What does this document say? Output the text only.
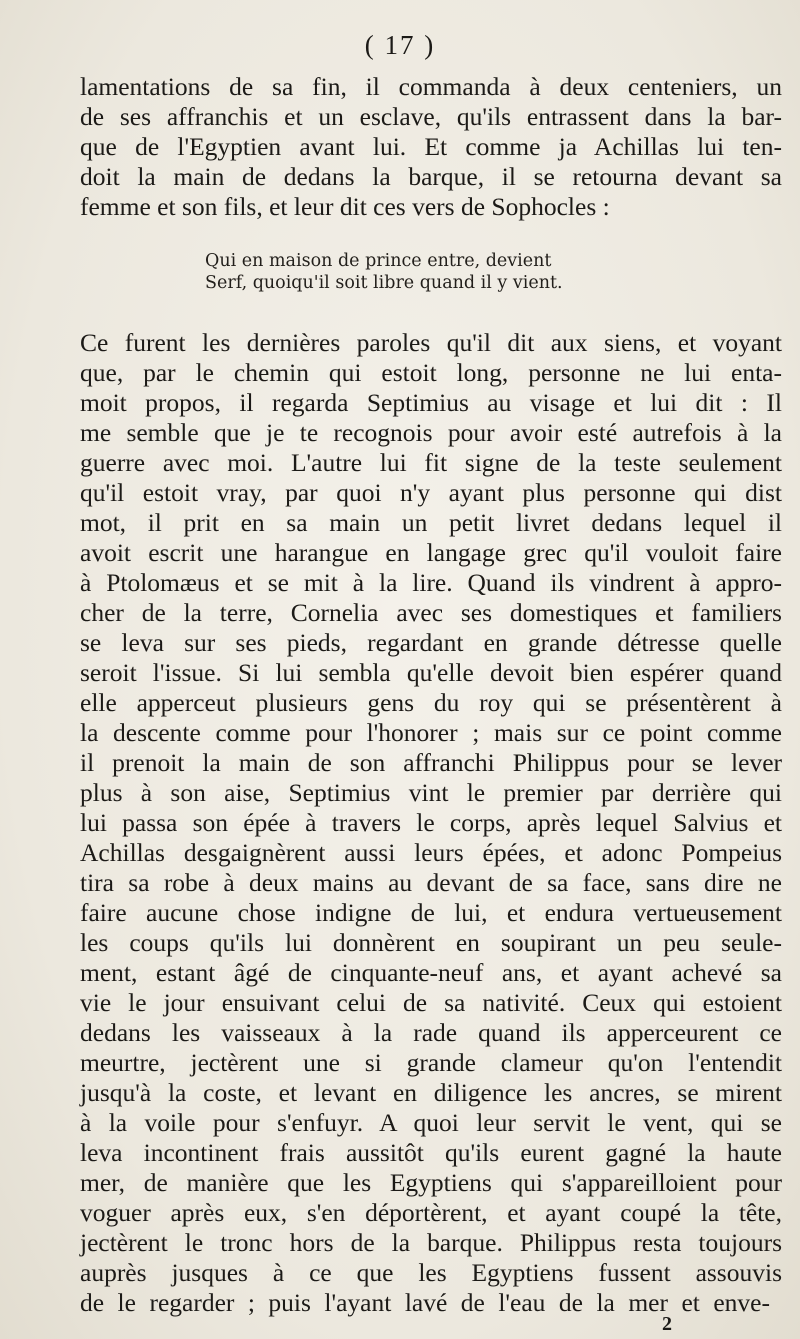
( 17 )
lamentations de sa fin, il commanda à deux centeniers, un
de ses affranchis et un esclave, qu'ils entrassent dans la bar-
que de l'Egyptien avant lui. Et comme ja Achillas lui ten-
doit la main de dedans la barque, il se retourna devant sa
femme et son fils, et leur dit ces vers de Sophocles :
Qui en maison de prince entre, devient
Serf, quoiqu'il soit libre quand il y vient.
Ce furent les dernières paroles qu'il dit aux siens, et voyant
que, par le chemin qui estoit long, personne ne lui enta-
moit propos, il regarda Septimius au visage et lui dit : Il
me semble que je te recognois pour avoir esté autrefois à la
guerre avec moi. L'autre lui fit signe de la teste seulement
qu'il estoit vray, par quoi n'y ayant plus personne qui dist
mot, il prit en sa main un petit livret dedans lequel il
avoit escrit une harangue en langage grec qu'il vouloit faire
à Ptolomæus et se mit à la lire. Quand ils vindrent à appro-
cher de la terre, Cornelia avec ses domestiques et familiers
se leva sur ses pieds, regardant en grande détresse quelle
seroit l'issue. Si lui sembla qu'elle devoit bien espérer quand
elle apperceut plusieurs gens du roy qui se présentèrent à
la descente comme pour l'honorer ; mais sur ce point comme
il prenoit la main de son affranchi Philippus pour se lever
plus à son aise, Septimius vint le premier par derrière qui
lui passa son épée à travers le corps, après lequel Salvius et
Achillas desgaignèrent aussi leurs épées, et adonc Pompeius
tira sa robe à deux mains au devant de sa face, sans dire ne
faire aucune chose indigne de lui, et endura vertueusement
les coups qu'ils lui donnèrent en soupirant un peu seule-
ment, estant âgé de cinquante-neuf ans, et ayant achevé sa
vie le jour ensuivant celui de sa nativité. Ceux qui estoient
dedans les vaisseaux à la rade quand ils apperceurent ce
meurtre, jectèrent une si grande clameur qu'on l'entendit
jusqu'à la coste, et levant en diligence les ancres, se mirent
à la voile pour s'enfuyr. A quoi leur servit le vent, qui se
leva incontinent frais aussitôt qu'ils eurent gagné la haute
mer, de manière que les Egyptiens qui s'appareilloient pour
voguer après eux, s'en déportèrent, et ayant coupé la tête,
jectèrent le tronc hors de la barque. Philippus resta toujours
auprès jusques à ce que les Egyptiens fussent assouvis
de le regarder ; puis l'ayant lavé de l'eau de la mer et enve-
2
